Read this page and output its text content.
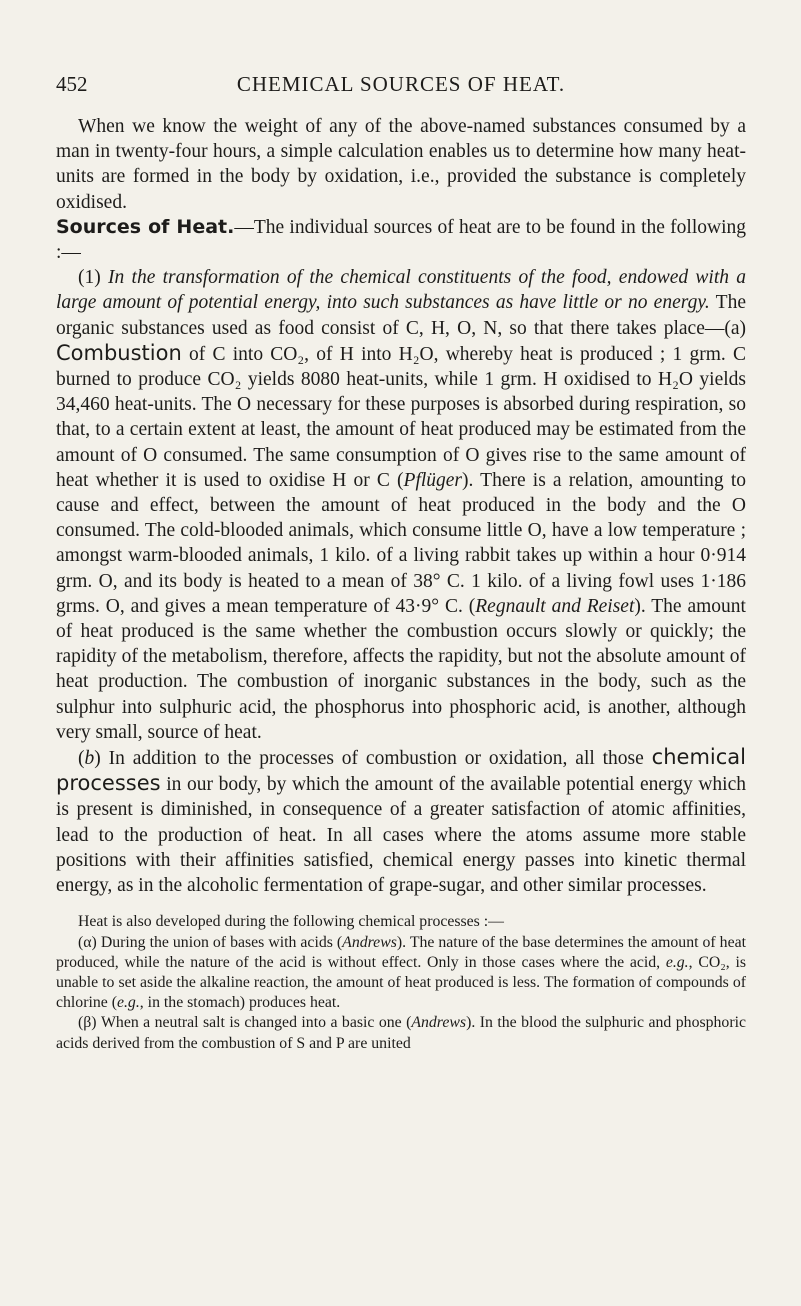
452	CHEMICAL SOURCES OF HEAT.

When we know the weight of any of the above-named substances consumed by a man in twenty-four hours, a simple calculation enables us to determine how many heat-units are formed in the body by oxidation, i.e., provided the substance is completely oxidised.

Sources of Heat.—The individual sources of heat are to be found in the following :—

(1) In the transformation of the chemical constituents of the food, endowed with a large amount of potential energy, into such substances as have little or no energy. The organic substances used as food consist of C, H, O, N, so that there takes place—(a) Combustion of C into CO₂, of H into H₂O, whereby heat is produced ; 1 grm. C burned to produce CO₂ yields 8080 heat-units, while 1 grm. H oxidised to H₂O yields 34,460 heat-units. The O necessary for these purposes is absorbed during respiration, so that, to a certain extent at least, the amount of heat produced may be estimated from the amount of O consumed. The same consumption of O gives rise to the same amount of heat whether it is used to oxidise H or C (Pflüger). There is a relation, amounting to cause and effect, between the amount of heat produced in the body and the O consumed. The cold-blooded animals, which consume little O, have a low temperature ; amongst warm-blooded animals, 1 kilo. of a living rabbit takes up within a hour 0·914 grm. O, and its body is heated to a mean of 38° C. 1 kilo. of a living fowl uses 1·186 grms. O, and gives a mean temperature of 43·9° C. (Regnault and Reiset). The amount of heat produced is the same whether the combustion occurs slowly or quickly; the rapidity of the metabolism, therefore, affects the rapidity, but not the absolute amount of heat production. The combustion of inorganic substances in the body, such as the sulphur into sulphuric acid, the phosphorus into phosphoric acid, is another, although very small, source of heat.

(b) In addition to the processes of combustion or oxidation, all those chemical processes in our body, by which the amount of the available potential energy which is present is diminished, in consequence of a greater satisfaction of atomic affinities, lead to the production of heat. In all cases where the atoms assume more stable positions with their affinities satisfied, chemical energy passes into kinetic thermal energy, as in the alcoholic fermentation of grape-sugar, and other similar processes.

Heat is also developed during the following chemical processes :—

(α) During the union of bases with acids (Andrews). The nature of the base determines the amount of heat produced, while the nature of the acid is without effect. Only in those cases where the acid, e.g., CO₂, is unable to set aside the alkaline reaction, the amount of heat produced is less. The formation of compounds of chlorine (e.g., in the stomach) produces heat.

(β) When a neutral salt is changed into a basic one (Andrews). In the blood the sulphuric and phosphoric acids derived from the combustion of S and P are united
